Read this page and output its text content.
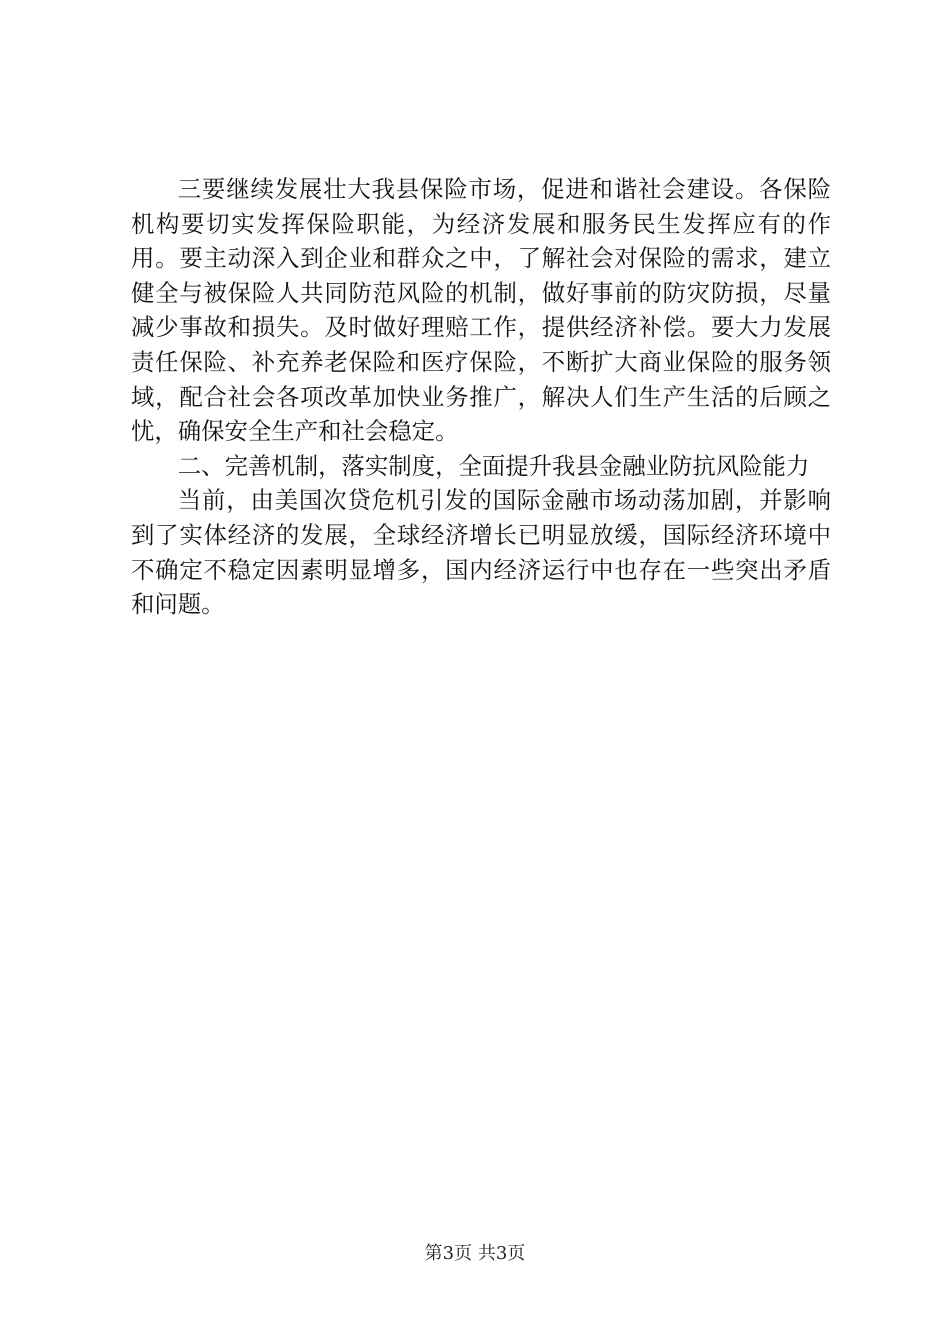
三要继续发展壮大我县保险市场，促进和谐社会建设。各保险机构要切实发挥保险职能，为经济发展和服务民生发挥应有的作用。要主动深入到企业和群众之中，了解社会对保险的需求，建立健全与被保险人共同防范风险的机制，做好事前的防灾防损，尽量减少事故和损失。及时做好理赔工作，提供经济补偿。要大力发展责任保险、补充养老保险和医疗保险，不断扩大商业保险的服务领域，配合社会各项改革加快业务推广，解决人们生产生活的后顾之忧，确保安全生产和社会稳定。

二、完善机制，落实制度，全面提升我县金融业防抗风险能力

当前，由美国次贷危机引发的国际金融市场动荡加剧，并影响到了实体经济的发展，全球经济增长已明显放缓，国际经济环境中不确定不稳定因素明显增多，国内经济运行中也存在一些突出矛盾和问题。

第3页 共3页
